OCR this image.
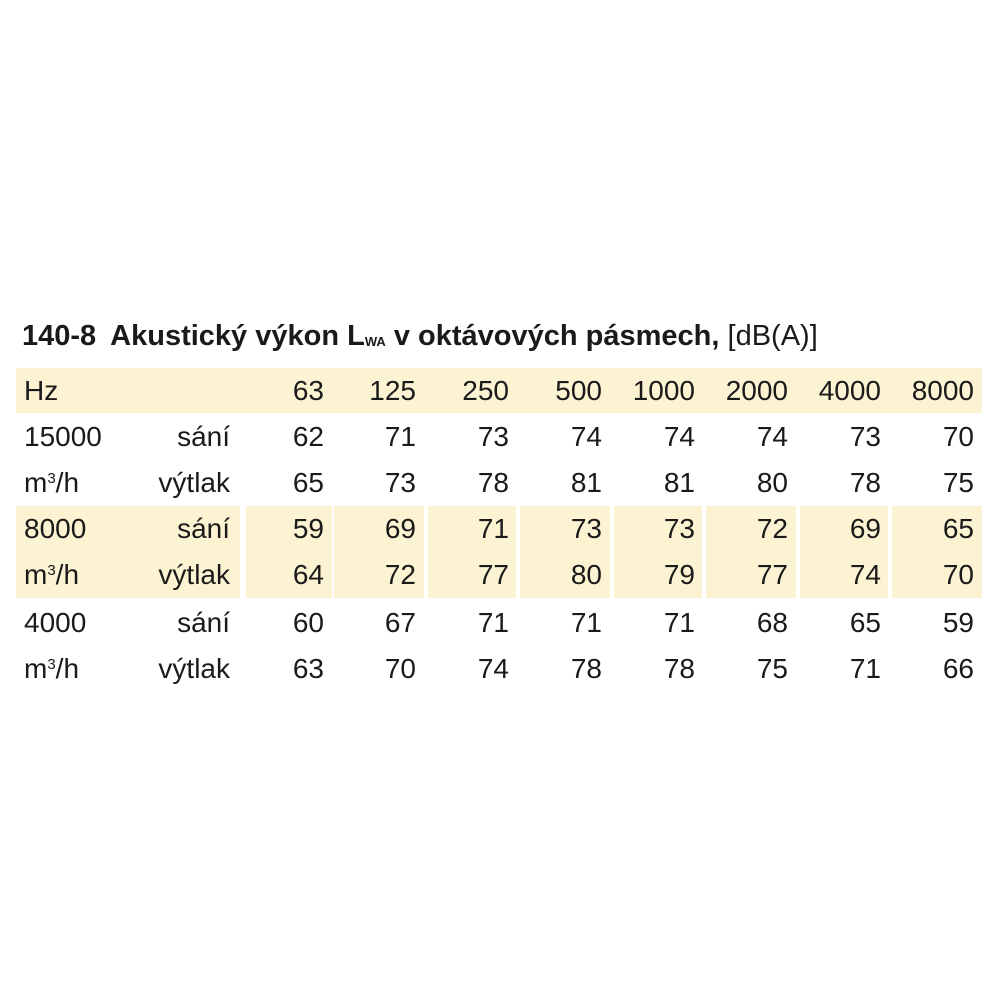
140-8 Akustický výkon $L_{WA}$ v oktávových pásmech, [dB(A)]
Hz	63 125 250 500 1000 2000 4000 8000
15000	sání 62 71 73 74 74 74 73 70
$m^3/h$	výtlak 65 73 78 81 81 80 78 75
8000	sání 59 69 71 73 73 72 69 65
$m^3/h$	výtlak 64 72 77 80 79 77 74 70
4000	sání 60 67 71 71 71 68 65 59
$m^3/h$	výtlak 63 70 74 78 78 75 71 66
